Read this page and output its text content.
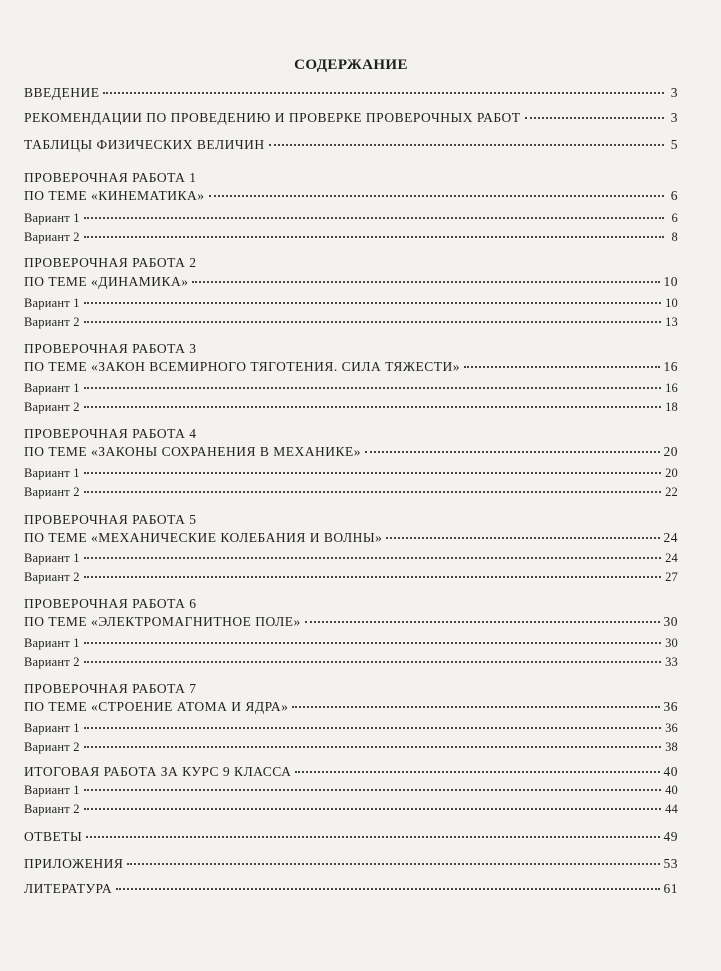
СОДЕРЖАНИЕ
ВВЕДЕНИЕ	3
РЕКОМЕНДАЦИИ ПО ПРОВЕДЕНИЮ И ПРОВЕРКЕ ПРОВЕРОЧНЫХ РАБОТ	3
ТАБЛИЦЫ ФИЗИЧЕСКИХ ВЕЛИЧИН	5
ПРОВЕРОЧНАЯ РАБОТА 1
ПО ТЕМЕ «КИНЕМАТИКА»	6
Вариант 1	6
Вариант 2	8
ПРОВЕРОЧНАЯ РАБОТА 2
ПО ТЕМЕ «ДИНАМИКА»	10
Вариант 1	10
Вариант 2	13
ПРОВЕРОЧНАЯ РАБОТА 3
ПО ТЕМЕ «ЗАКОН ВСЕМИРНОГО ТЯГОТЕНИЯ. СИЛА ТЯЖЕСТИ»	16
Вариант 1	16
Вариант 2	18
ПРОВЕРОЧНАЯ РАБОТА 4
ПО ТЕМЕ «ЗАКОНЫ СОХРАНЕНИЯ В МЕХАНИКЕ»	20
Вариант 1	20
Вариант 2	22
ПРОВЕРОЧНАЯ РАБОТА 5
ПО ТЕМЕ «МЕХАНИЧЕСКИЕ КОЛЕБАНИЯ И ВОЛНЫ»	24
Вариант 1	24
Вариант 2	27
ПРОВЕРОЧНАЯ РАБОТА 6
ПО ТЕМЕ «ЭЛЕКТРОМАГНИТНОЕ ПОЛЕ»	30
Вариант 1	30
Вариант 2	33
ПРОВЕРОЧНАЯ РАБОТА 7
ПО ТЕМЕ «СТРОЕНИЕ АТОМА И ЯДРА»	36
Вариант 1	36
Вариант 2	38
ИТОГОВАЯ РАБОТА ЗА КУРС 9 КЛАССА	40
Вариант 1	40
Вариант 2	44
ОТВЕТЫ	49
ПРИЛОЖЕНИЯ	53
ЛИТЕРАТУРА	61
